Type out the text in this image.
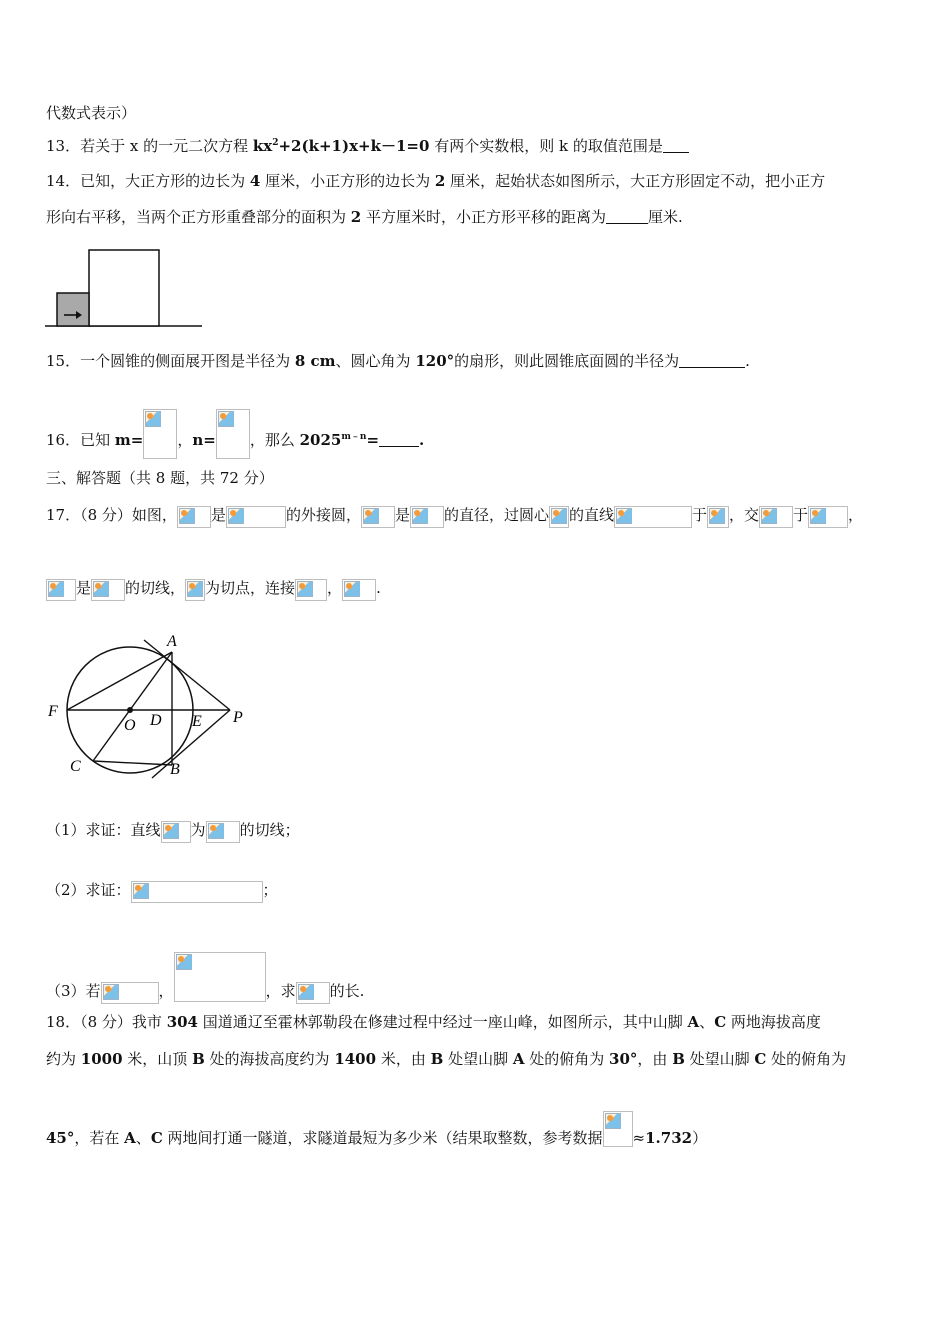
代数式表示）
13．若关于 x 的一元二次方程 $kx^2+2(k+1)x+k-1=0$ 有两个实数根，则 k 的取值范围是
14．已知，大正方形的边长为 4 厘米，小正方形的边长为 2 厘米，起始状态如图所示，大正方形固定不动，把小正方
形向右平移，当两个正方形重叠部分的面积为 2 平方厘米时，小正方形平移的距离为	厘米.
15．一个圆锥的侧面展开图是半径为 8 cm、圆心角为 120°的扇形，则此圆锥底面圆的半径为	.
16．已知 m= ，n= ，那么 $2025^{m﹣n}=$	.
三、解答题（共 8 题，共 72 分）
17．（8 分）如图， 是	的外接圆， 是 的直径，过圆心 的直线	于 ，交 于	，
是 的切线， 为切点，连接 ， .
A
F
O D E P
C	B
（1）求证：直线 为 的切线；
（2）求证：	；
（3）若	，	，求 的长.
18．（8 分）我市 304 国道通辽至霍林郭勒段在修建过程中经过一座山峰，如图所示，其中山脚 A、C 两地海拔高度
约为 1000 米，山顶 B 处的海拔高度约为 1400 米，由 B 处望山脚 A 处的俯角为 30°，由 B 处望山脚 C 处的俯角为
45°，若在 A、C 两地间打通一隧道，求隧道最短为多少米（结果取整数，参考数据 ≈1.732）
